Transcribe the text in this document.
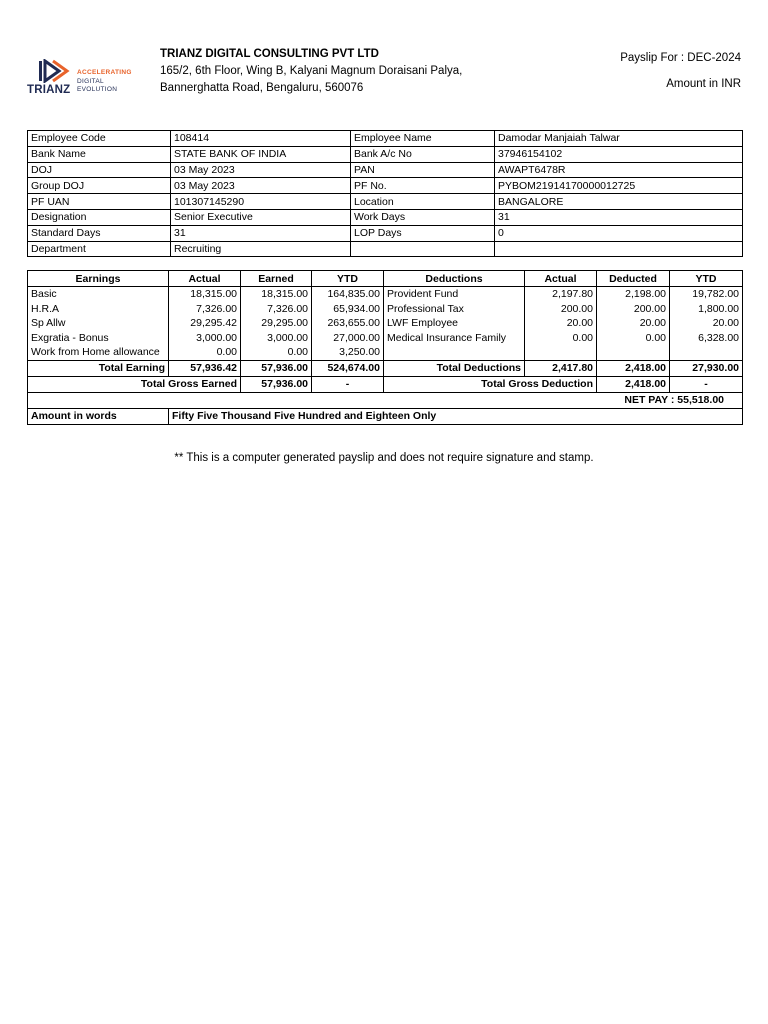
ACCELERATING
DIGITAL
EVOLUTION
TRIANZ
TRIANZ DIGITAL CONSULTING PVT LTD
165/2, 6th Floor, Wing B, Kalyani Magnum Doraisani Palya,
Bannerghatta Road, Bengaluru, 560076
Payslip For : DEC-2024
Amount in INR
Employee Code	108414	Employee Name	Damodar Manjaiah Talwar
Bank Name	STATE BANK OF INDIA	Bank A/c No	37946154102
DOJ	03 May 2023	PAN	AWAPT6478R
Group DOJ	03 May 2023	PF No.	PYBOM21914170000012725
PF UAN	101307145290	Location	BANGALORE
Designation	Senior Executive	Work Days	31
Standard Days	31	LOP Days	0
Department	Recruiting		
Earnings	Actual	Earned	YTD	Deductions	Actual	Deducted	YTD
Basic	18,315.00	18,315.00	164,835.00	Provident Fund	2,197.80	2,198.00	19,782.00
H.R.A	7,326.00	7,326.00	65,934.00	Professional Tax	200.00	200.00	1,800.00
Sp Allw	29,295.42	29,295.00	263,655.00	LWF Employee	20.00	20.00	20.00
Exgratia - Bonus	3,000.00	3,000.00	27,000.00	Medical Insurance Family	0.00	0.00	6,328.00
Work from Home allowance	0.00	0.00	3,250.00				
Total Earning	57,936.42	57,936.00	524,674.00	Total Deductions	2,417.80	2,418.00	27,930.00
Total Gross Earned		57,936.00	-	Total Gross Deduction		2,418.00	-
NET PAY : 55,518.00							
Amount in words	Fifty Five Thousand Five Hundred and Eighteen Only						
** This is a computer generated payslip and does not require signature and stamp.
